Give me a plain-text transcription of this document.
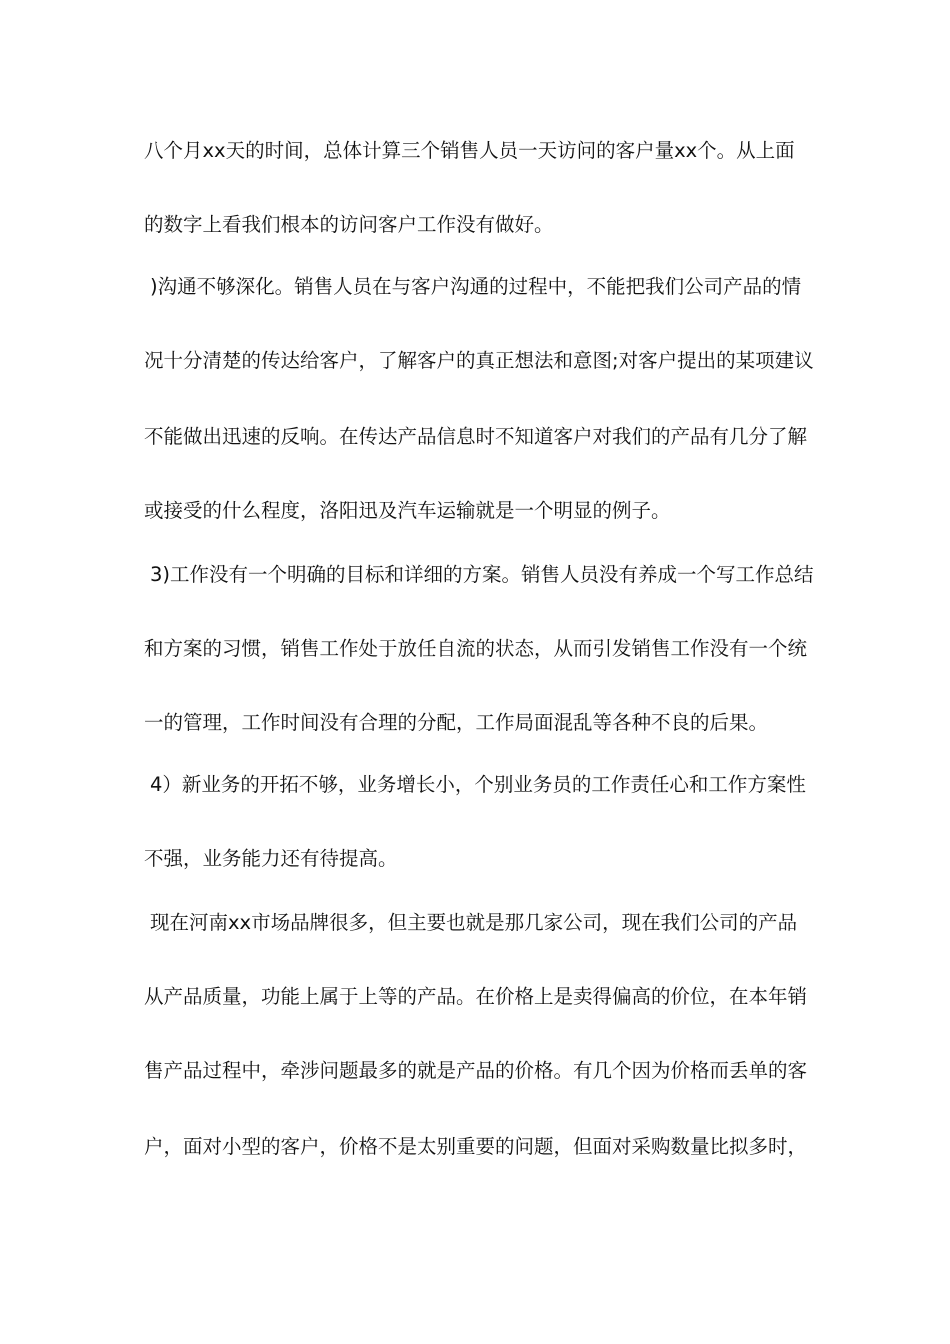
八个月xx天的时间，总体计算三个销售人员一天访问的客户量xx个。从上面
的数字上看我们根本的访问客户工作没有做好。
)沟通不够深化。销售人员在与客户沟通的过程中，不能把我们公司产品的情
况十分清楚的传达给客户，了解客户的真正想法和意图;对客户提出的某项建议
不能做出迅速的反响。在传达产品信息时不知道客户对我们的产品有几分了解
或接受的什么程度，洛阳迅及汽车运输就是一个明显的例子。
3)工作没有一个明确的目标和详细的方案。销售人员没有养成一个写工作总结
和方案的习惯，销售工作处于放任自流的状态，从而引发销售工作没有一个统
一的管理，工作时间没有合理的分配，工作局面混乱等各种不良的后果。
4）新业务的开拓不够，业务增长小，个别业务员的工作责任心和工作方案性
不强，业务能力还有待提高。
现在河南xx市场品牌很多，但主要也就是那几家公司，现在我们公司的产品
从产品质量，功能上属于上等的产品。在价格上是卖得偏高的价位，在本年销
售产品过程中，牵涉问题最多的就是产品的价格。有几个因为价格而丢单的客
户，面对小型的客户，价格不是太别重要的问题，但面对采购数量比拟多时，
